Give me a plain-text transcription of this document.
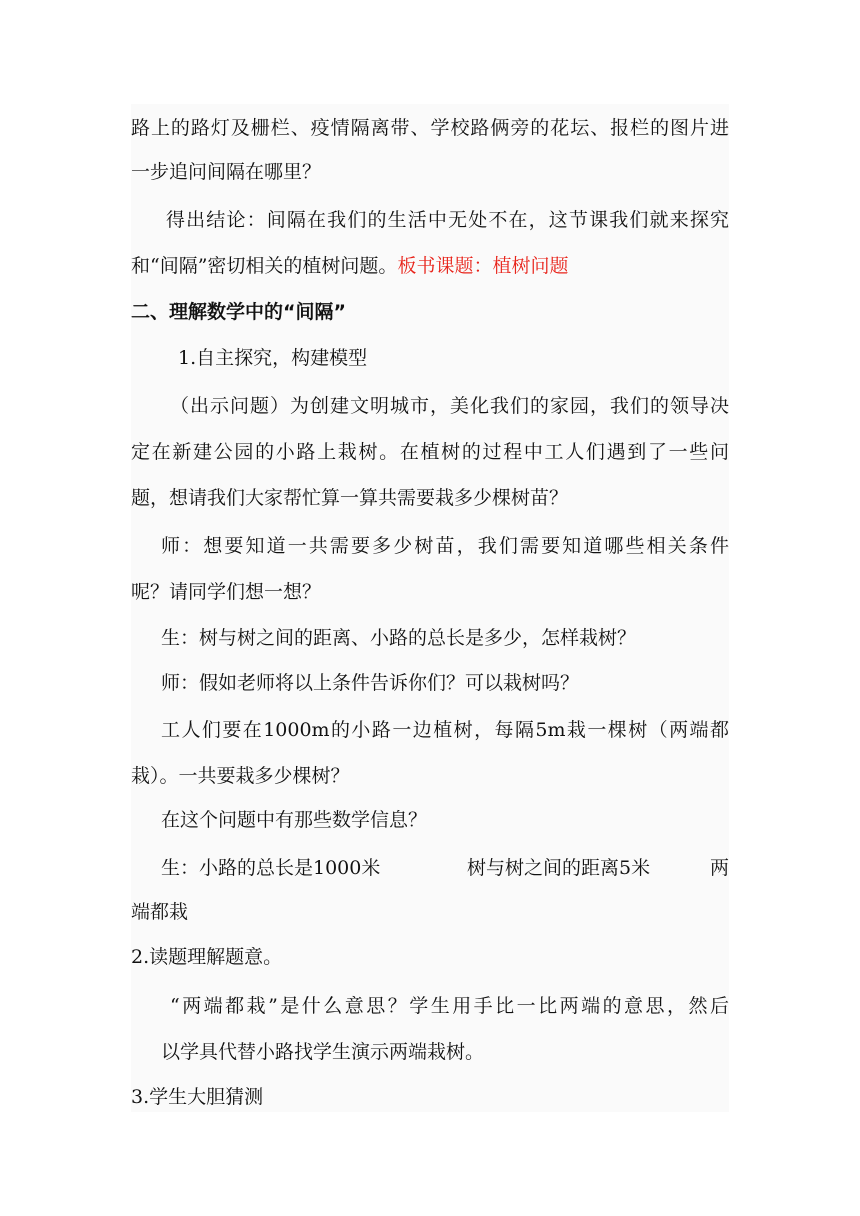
路上的路灯及栅栏、疫情隔离带、学校路俩旁的花坛、报栏的图片进
一步追问间隔在哪里？
得出结论：间隔在我们的生活中无处不在，这节课我们就来探究
和“间隔”密切相关的植树问题。板书课题：植树问题
二、理解数学中的“间隔”
1.自主探究，构建模型
（出示问题）为创建文明城市，美化我们的家园，我们的领导决
定在新建公园的小路上栽树。在植树的过程中工人们遇到了一些问
题，想请我们大家帮忙算一算共需要栽多少棵树苗？
师：想要知道一共需要多少树苗，我们需要知道哪些相关条件
呢？请同学们想一想？
生：树与树之间的距离、小路的总长是多少，怎样栽树？
师：假如老师将以上条件告诉你们？可以栽树吗？
工人们要在1000m的小路一边植树，每隔5m栽一棵树（两端都
栽）。一共要栽多少棵树？
在这个问题中有那些数学信息？
生：小路的总长是1000米	树与树之间的距离5米	两
端都栽
2.读题理解题意。
“两端都栽”是什么意思？学生用手比一比两端的意思，然后
以学具代替小路找学生演示两端栽树。
3.学生大胆猜测
